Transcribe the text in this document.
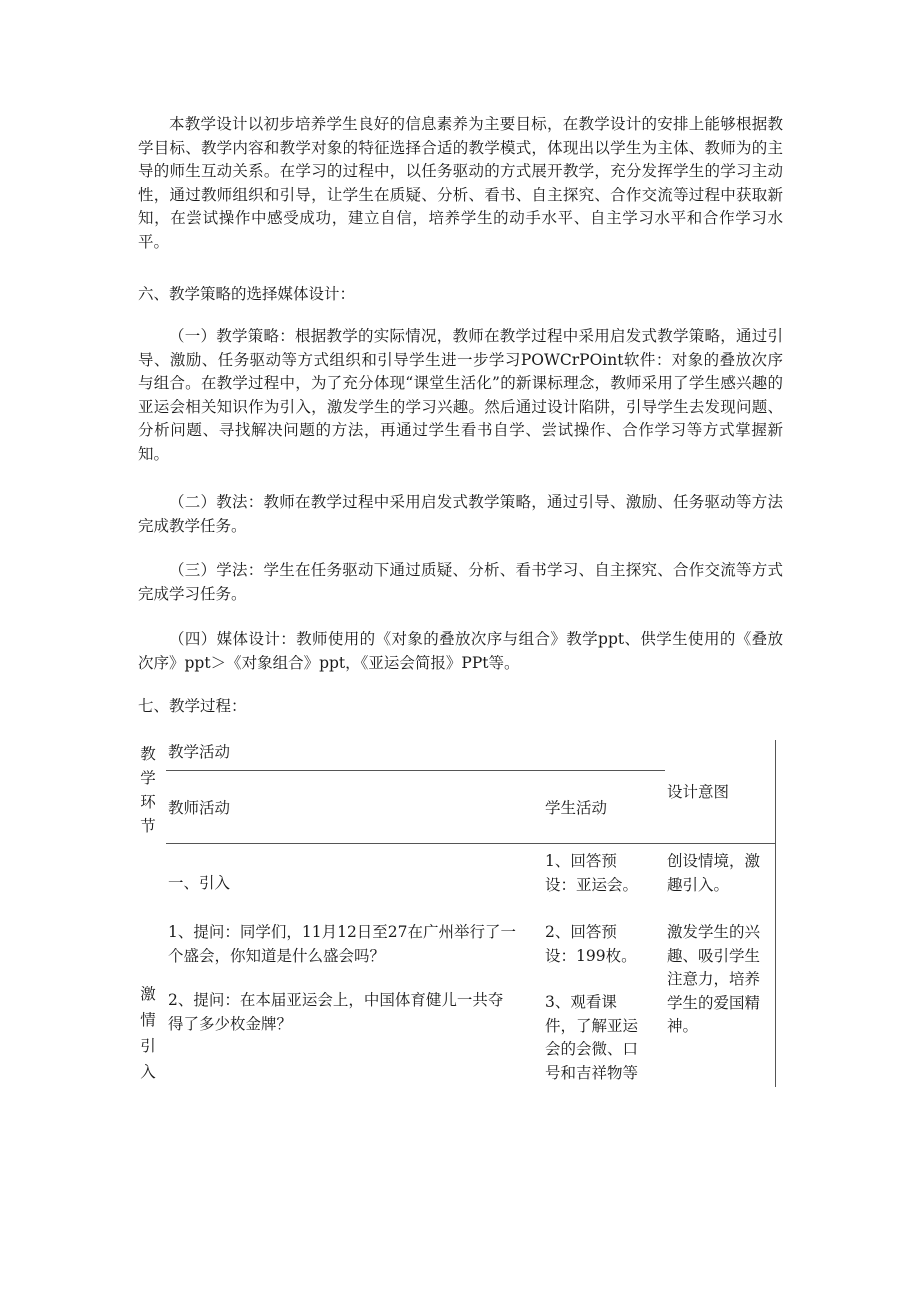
本教学设计以初步培养学生良好的信息素养为主要目标，在教学设计的安排上能够根据教学目标、教学内容和教学对象的特征选择合适的教学模式，体现出以学生为主体、教师为的主导的师生互动关系。在学习的过程中，以任务驱动的方式展开教学，充分发挥学生的学习主动性，通过教师组织和引导，让学生在质疑、分析、看书、自主探究、合作交流等过程中获取新知，在尝试操作中感受成功，建立自信，培养学生的动手水平、自主学习水平和合作学习水平。

六、教学策略的选择媒体设计：

（一）教学策略：根据教学的实际情况，教师在教学过程中采用启发式教学策略，通过引导、激励、任务驱动等方式组织和引导学生进一步学习POWCrPOint软件：对象的叠放次序与组合。在教学过程中，为了充分体现“课堂生活化”的新课标理念，教师采用了学生感兴趣的亚运会相关知识作为引入，激发学生的学习兴趣。然后通过设计陷阱，引导学生去发现问题、分析问题、寻找解决问题的方法，再通过学生看书自学、尝试操作、合作学习等方式掌握新知。

（二）教法：教师在教学过程中采用启发式教学策略，通过引导、激励、任务驱动等方法完成教学任务。

（三）学法：学生在任务驱动下通过质疑、分析、看书学习、自主探究、合作交流等方式完成学习任务。

（四）媒体设计：教师使用的《对象的叠放次序与组合》教学ppt、供学生使用的《叠放次序》ppt＞《对象组合》ppt，《亚运会简报》PPt等。

七、教学过程：

教
学
环
节

教学活动

教师活动	学生活动

设计意图

一、引入

1、提问：同学们，11月12日至27在广州举行了一个盛会，你知道是什么盛会吗？

2、提问：在本届亚运会上，中国体育健儿一共夺得了多少枚金牌？

1、回答预设：亚运会。

2、回答预设：199枚。

3、观看课件，了解亚运会的会微、口号和吉祥物等

创设情境，激趣引入。

激发学生的兴趣、吸引学生注意力，培养学生的爱国精神。

激
情
引
入
